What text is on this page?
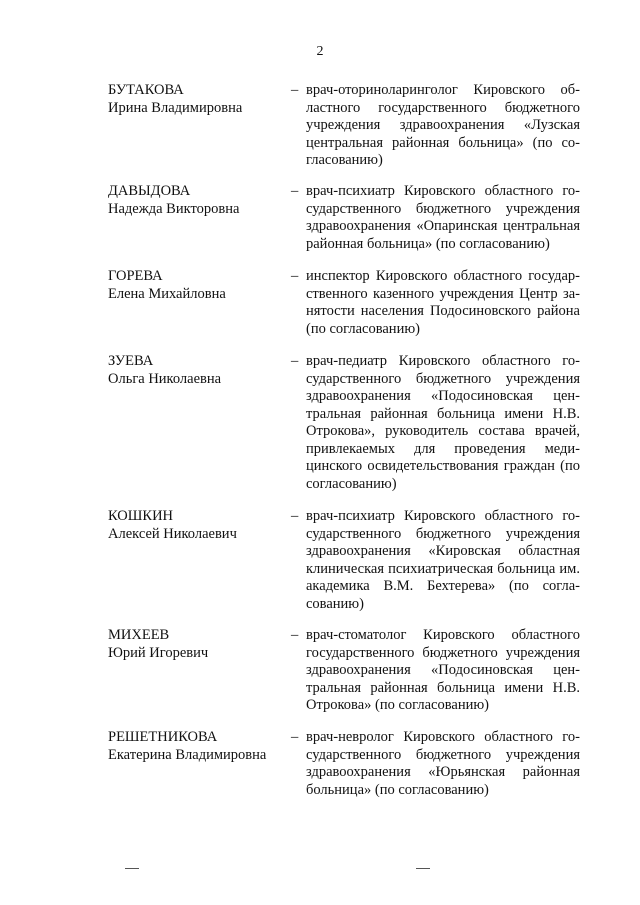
2
БУТАКОВА
Ирина Владимировна
– врач-оториноларинголог Кировского областного государственного бюджетного учреждения здравоохранения «Лузская центральная районная больница» (по согласованию)
ДАВЫДОВА
Надежда Викторовна
– врач-психиатр Кировского областного государственного бюджетного учреждения здравоохранения «Опаринская центральная районная больница» (по согласованию)
ГОРЕВА
Елена Михайловна
– инспектор Кировского областного государственного казенного учреждения Центр занятости населения Подосиновского района (по согласованию)
ЗУЕВА
Ольга Николаевна
– врач-педиатр Кировского областного государственного бюджетного учреждения здравоохранения «Подосиновская центральная районная больница имени Н.В. Отрокова», руководитель состава врачей, привлекаемых для проведения медицинского освидетельствования граждан (по согласованию)
КОШКИН
Алексей Николаевич
– врач-психиатр Кировского областного государственного бюджетного учреждения здравоохранения «Кировская областная клиническая психиатрическая больница им. академика В.М. Бехтерева» (по согласованию)
МИХЕЕВ
Юрий Игоревич
– врач-стоматолог Кировского областного государственного бюджетного учреждения здравоохранения «Подосиновская центральная районная больница имени Н.В. Отрокова» (по согласованию)
РЕШЕТНИКОВА
Екатерина Владимировна
– врач-невролог Кировского областного государственного бюджетного учреждения здравоохранения «Юрьянская районная больница» (по согласованию)
